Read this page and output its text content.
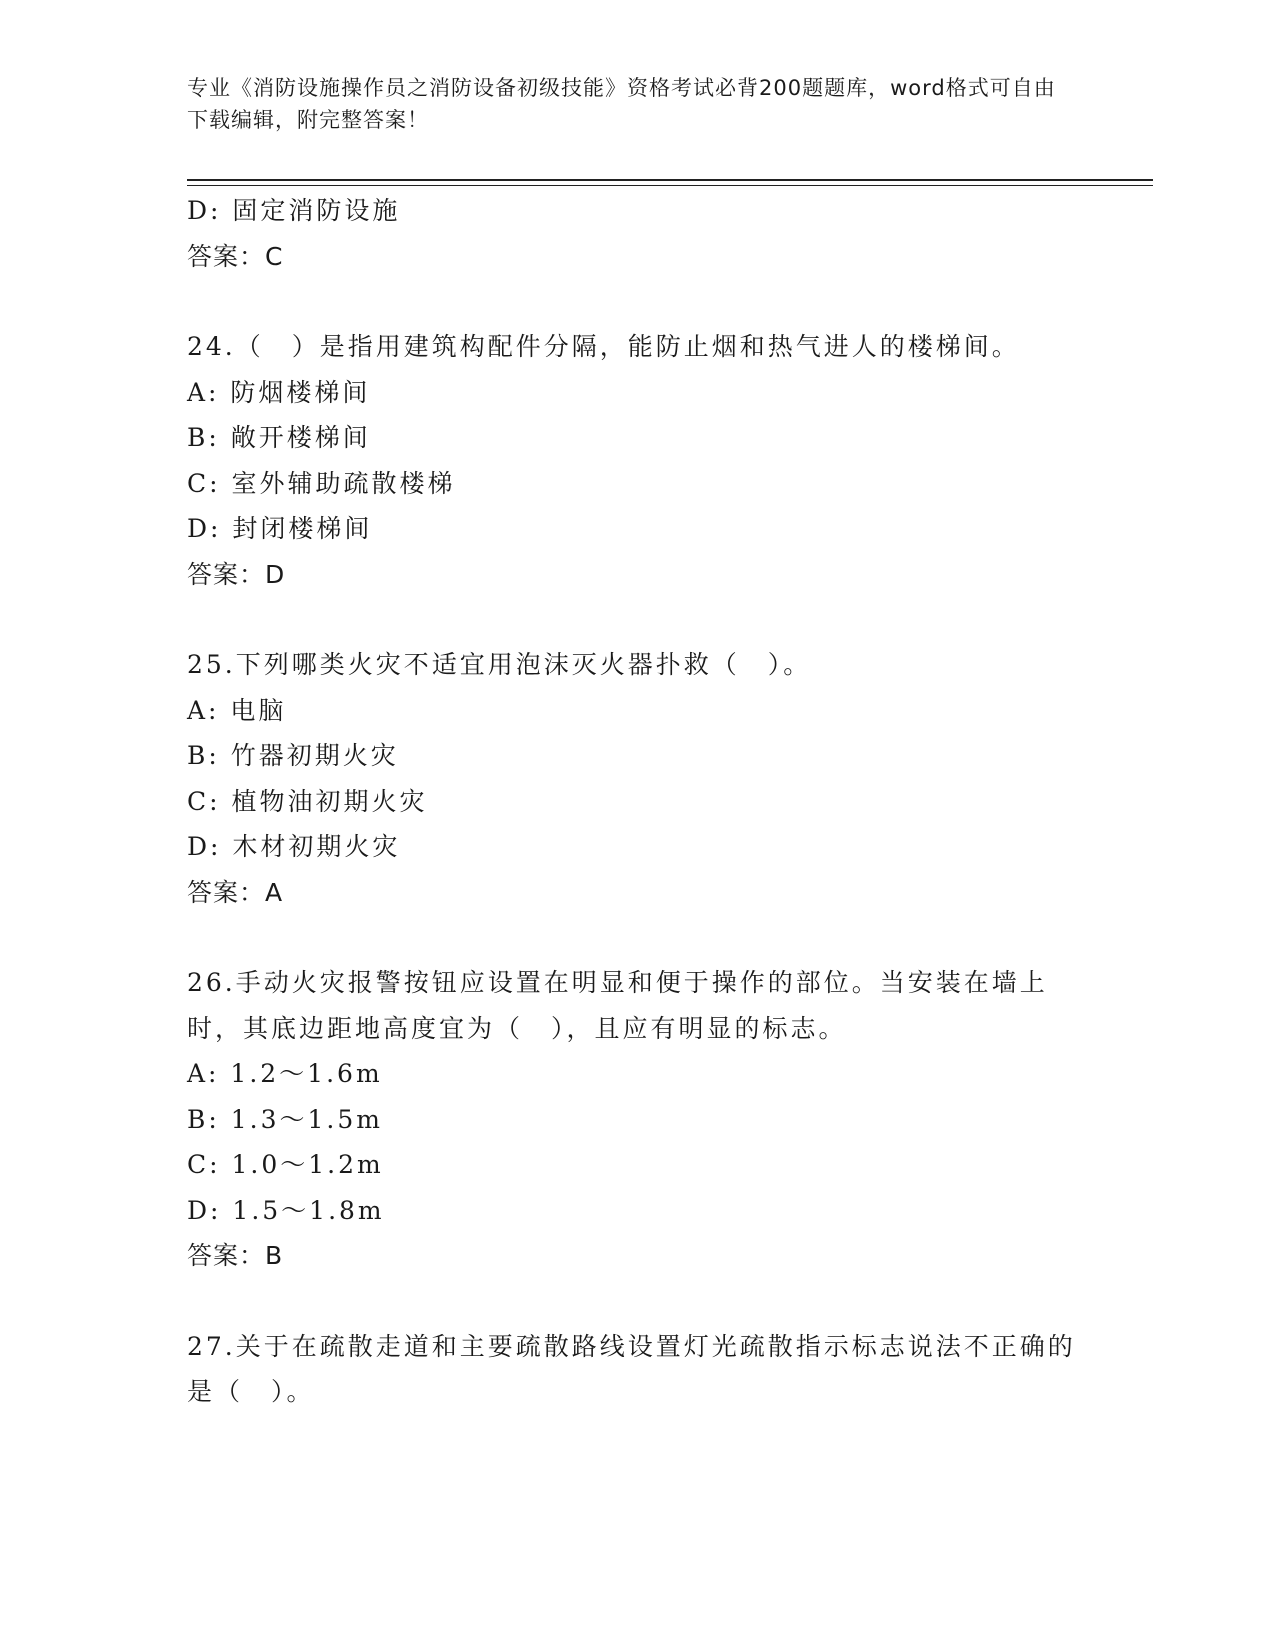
专业《消防设施操作员之消防设备初级技能》资格考试必背200题题库，word格式可自由下载编辑，附完整答案！
D: 固定消防设施
答案：C
24.（　）是指用建筑构配件分隔，能防止烟和热气进人的楼梯间。
A: 防烟楼梯间
B: 敞开楼梯间
C: 室外辅助疏散楼梯
D: 封闭楼梯间
答案：D
25.下列哪类火灾不适宜用泡沫灭火器扑救（　）。
A: 电脑
B: 竹器初期火灾
C: 植物油初期火灾
D: 木材初期火灾
答案：A
26.手动火灾报警按钮应设置在明显和便于操作的部位。当安装在墙上时，其底边距地高度宜为（　），且应有明显的标志。
A: 1.2～1.6m
B: 1.3～1.5m
C: 1.0～1.2m
D: 1.5～1.8m
答案：B
27.关于在疏散走道和主要疏散路线设置灯光疏散指示标志说法不正确的是（　）。
